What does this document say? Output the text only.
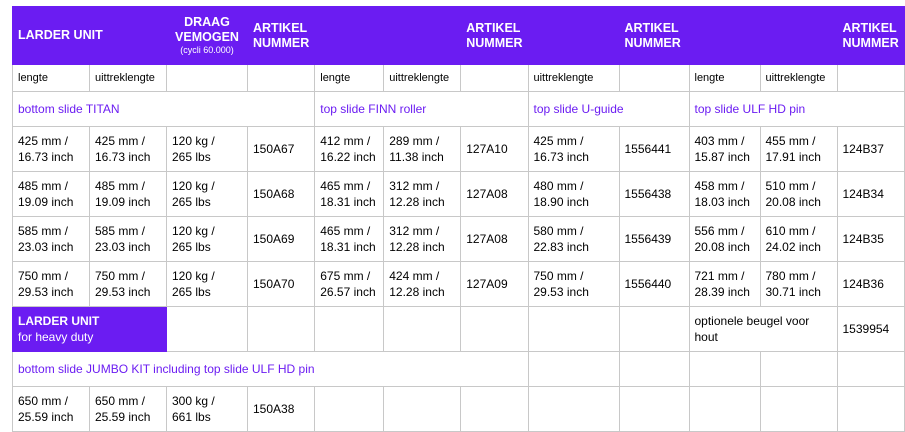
LARDER UNIT		DRAAG
VEMOGEN
(cycli 60.000)	ARTIKEL
NUMMER			ARTIKEL
NUMMER		ARTIKEL
NUMMER			ARTIKEL
NUMMER
lengte	uittreklengte			lengte	uittreklengte		uittreklengte		lengte	uittreklengte	
bottom slide TITAN				top slide FINN roller			top slide U-guide		top slide ULF HD pin		
425 mm /
16.73 inch	425 mm /
16.73 inch	120 kg /
265 lbs	150A67	412 mm /
16.22 inch	289 mm /
11.38 inch	127A10	425 mm /
16.73 inch	1556441	403 mm /
15.87 inch	455 mm /
17.91 inch	124B37
485 mm /
19.09 inch	485 mm /
19.09 inch	120 kg /
265 lbs	150A68	465 mm /
18.31 inch	312 mm /
12.28 inch	127A08	480 mm /
18.90 inch	1556438	458 mm /
18.03 inch	510 mm /
20.08 inch	124B34
585 mm /
23.03 inch	585 mm /
23.03 inch	120 kg /
265 lbs	150A69	465 mm /
18.31 inch	312 mm /
12.28 inch	127A08	580 mm /
22.83 inch	1556439	556 mm /
20.08 inch	610 mm /
24.02 inch	124B35
750 mm /
29.53 inch	750 mm /
29.53 inch	120 kg /
265 lbs	150A70	675 mm /
26.57 inch	424 mm /
12.28 inch	127A09	750 mm /
29.53 inch	1556440	721 mm /
28.39 inch	780 mm /
30.71 inch	124B36
LARDER UNIT
for heavy duty									optionele beugel voor
hout		1539954
bottom slide JUMBO KIT including top slide ULF HD pin											
650 mm /
25.59 inch	650 mm /
25.59 inch	300 kg /
661 lbs	150A38								
